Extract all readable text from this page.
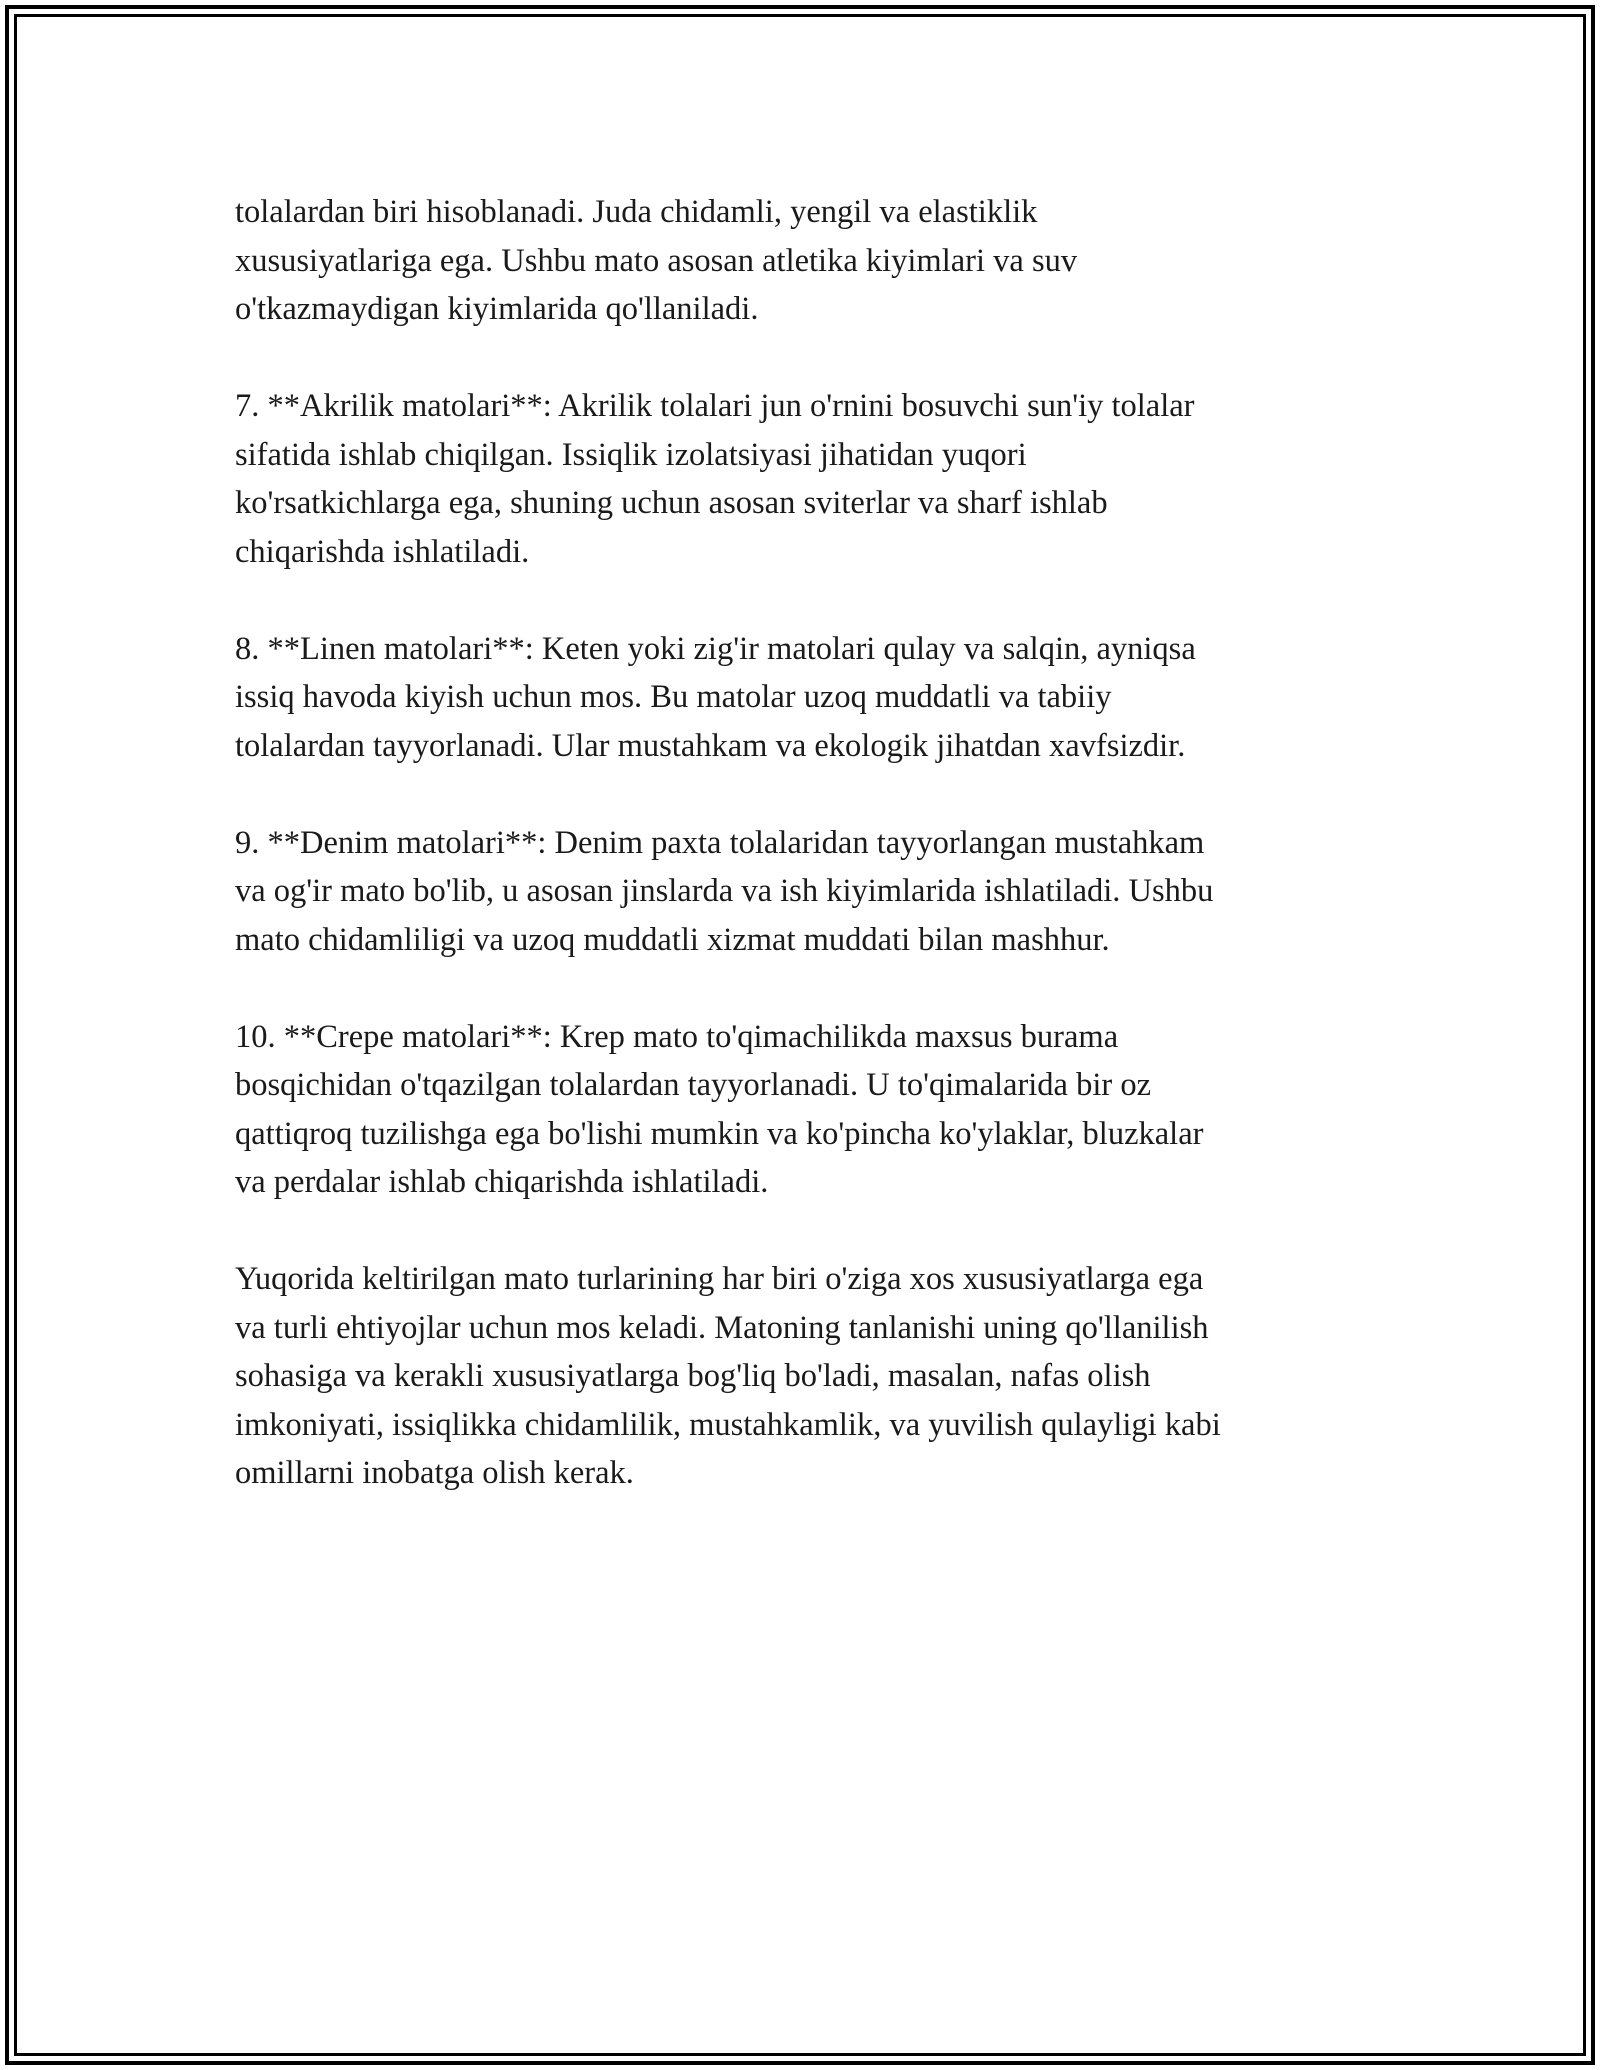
tolalardan biri hisoblanadi. Juda chidamli, yengil va elastiklik
xususiyatlariga ega. Ushbu mato asosan atletika kiyimlari va suv
o'tkazmaydigan kiyimlarida qo'llaniladi.

7. **Akrilik matolari**: Akrilik tolalari jun o'rnini bosuvchi sun'iy tolalar
sifatida ishlab chiqilgan. Issiqlik izolatsiyasi jihatidan yuqori
ko'rsatkichlarga ega, shuning uchun asosan sviterlar va sharf ishlab
chiqarishda ishlatiladi.

8. **Linen matolari**: Keten yoki zig'ir matolari qulay va salqin, ayniqsa
issiq havoda kiyish uchun mos. Bu matolar uzoq muddatli va tabiiy
tolalardan tayyorlanadi. Ular mustahkam va ekologik jihatdan xavfsizdir.

9. **Denim matolari**: Denim paxta tolalaridan tayyorlangan mustahkam
va og'ir mato bo'lib, u asosan jinslarda va ish kiyimlarida ishlatiladi. Ushbu
mato chidamliligi va uzoq muddatli xizmat muddati bilan mashhur.

10. **Crepe matolari**: Krep mato to'qimachilikda maxsus burama
bosqichidan o'tqazilgan tolalardan tayyorlanadi. U to'qimalarida bir oz
qattiqroq tuzilishga ega bo'lishi mumkin va ko'pincha ko'ylaklar, bluzkalar
va perdalar ishlab chiqarishda ishlatiladi.

Yuqorida keltirilgan mato turlarining har biri o'ziga xos xususiyatlarga ega
va turli ehtiyojlar uchun mos keladi. Matoning tanlanishi uning qo'llanilish
sohasiga va kerakli xususiyatlarga bog'liq bo'ladi, masalan, nafas olish
imkoniyati, issiqlikka chidamlilik, mustahkamlik, va yuvilish qulayligi kabi
omillarni inobatga olish kerak.
